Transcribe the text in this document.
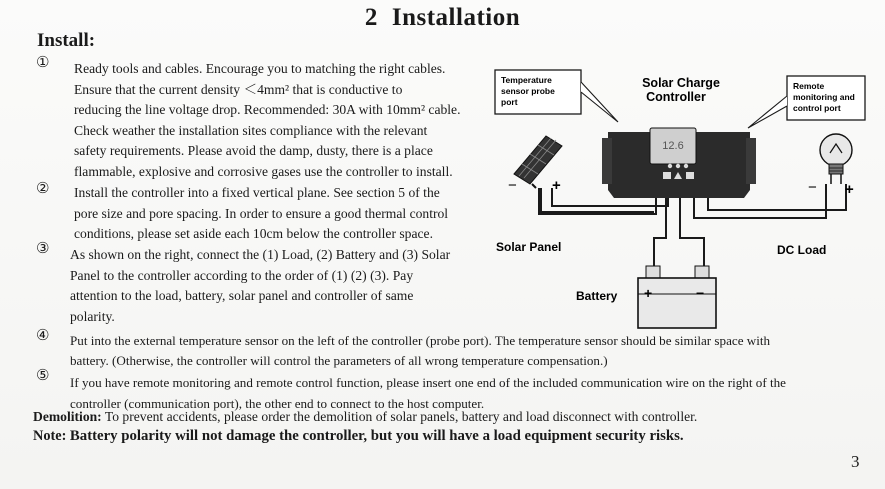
2 Installation
Install:
① Ready tools and cables. Encourage you to matching the right cables.
Ensure that the current density ＜4mm² that is conductive to
reducing the line voltage drop. Recommended: 30A with 10mm² cable.
Check weather the installation sites compliance with the relevant
safety requirements. Please avoid the damp, dusty, there is a place
flammable, explosive and corrosive gases use the controller to install.
② Install the controller into a fixed vertical plane. See section 5 of the
pore size and pore spacing. In order to ensure a good thermal control
conditions, please set aside each 10cm below the controller space.
③ As shown on the right, connect the (1) Load, (2) Battery and (3) Solar
Panel to the controller according to the order of (1) (2) (3). Pay
attention to the load, battery, solar panel and controller of same
polarity.
④ Put into the external temperature sensor on the left of the controller (probe port). The temperature sensor should be similar space with
battery. (Otherwise, the controller will control the parameters of all wrong temperature compensation.)
⑤ If you have remote monitoring and remote control function, please insert one end of the included communication wire on the right of the
controller (communication port), the other end to connect to the host computer.
Demolition: To prevent accidents, please order the demolition of solar panels, battery and load disconnect with controller.
Note: Battery polarity will not damage the controller, but you will have a load equipment security risks.
3
Temperature
sensor probe
port
Solar Charge
Controller
Remote
monitoring and
control port
12.6
− +
Solar Panel
− +
DC Load
+	−
Battery
